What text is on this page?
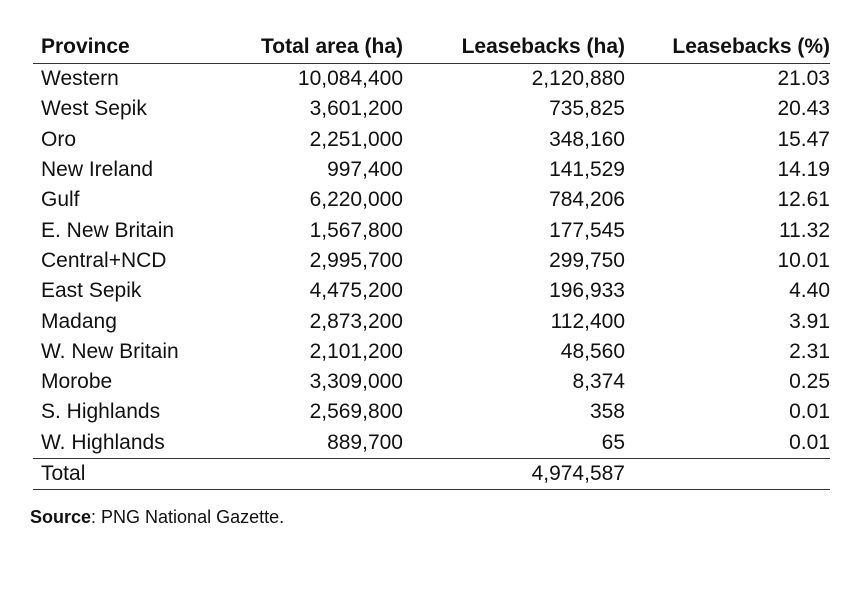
Province	Total area (ha)	Leasebacks (ha)	Leasebacks (%)
Western	10,084,400	2,120,880	21.03
West Sepik	3,601,200	735,825	20.43
Oro	2,251,000	348,160	15.47
New Ireland	997,400	141,529	14.19
Gulf	6,220,000	784,206	12.61
E. New Britain	1,567,800	177,545	11.32
Central+NCD	2,995,700	299,750	10.01
East Sepik	4,475,200	196,933	4.40
Madang	2,873,200	112,400	3.91
W. New Britain	2,101,200	48,560	2.31
Morobe	3,309,000	8,374	0.25
S. Highlands	2,569,800	358	0.01
W. Highlands	889,700	65	0.01
Total		4,974,587	
Source: PNG National Gazette.
